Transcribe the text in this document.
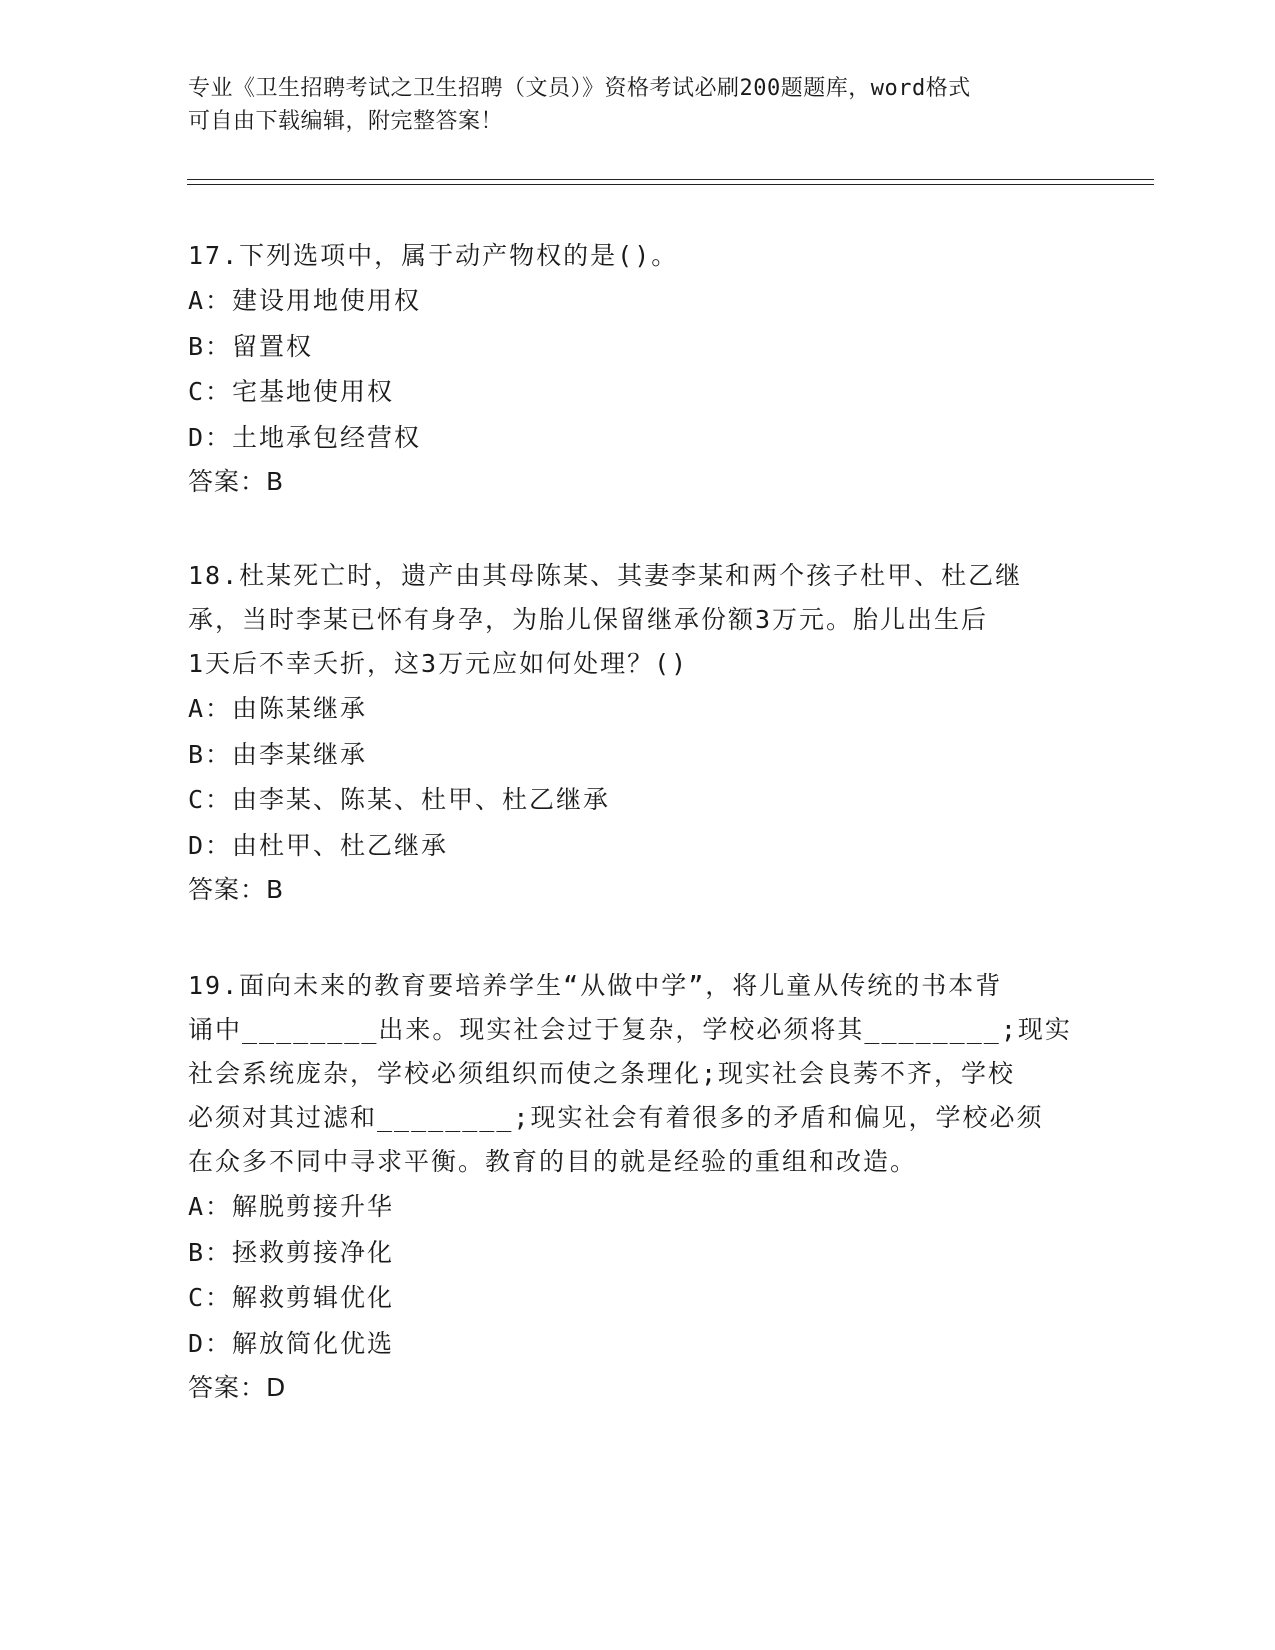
专业《卫生招聘考试之卫生招聘（文员）》资格考试必刷200题题库，word格式
可自由下载编辑，附完整答案！

17.下列选项中，属于动产物权的是()。

A：建设用地使用权

B：留置权

C：宅基地使用权

D：土地承包经营权

答案：B

18.杜某死亡时，遗产由其母陈某、其妻李某和两个孩子杜甲、杜乙继

承，当时李某已怀有身孕，为胎儿保留继承份额3万元。胎儿出生后

1天后不幸夭折，这3万元应如何处理？()

A：由陈某继承

B：由李某继承

C：由李某、陈某、杜甲、杜乙继承

D：由杜甲、杜乙继承

答案：B

19.面向未来的教育要培养学生“从做中学”，将儿童从传统的书本背

诵中________出来。现实社会过于复杂，学校必须将其________;现实

社会系统庞杂，学校必须组织而使之条理化;现实社会良莠不齐，学校

必须对其过滤和________;现实社会有着很多的矛盾和偏见，学校必须

在众多不同中寻求平衡。教育的目的就是经验的重组和改造。

A：解脱剪接升华

B：拯救剪接净化

C：解救剪辑优化

D：解放简化优选

答案：D
